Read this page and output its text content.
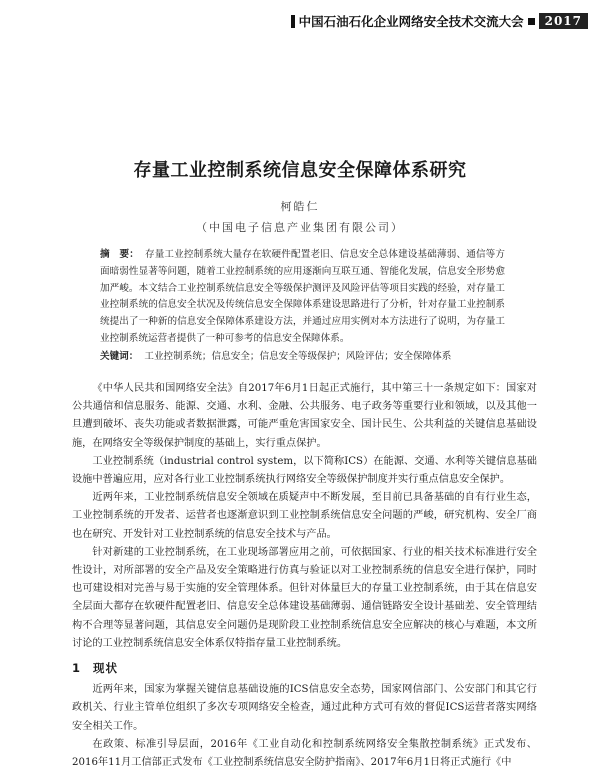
中国石油石化企业网络安全技术交流大会	2017
存量工业控制系统信息安全保障体系研究
柯皓仁
（中国电子信息产业集团有限公司）
摘　要： 存量工业控制系统大量存在软硬件配置老旧、信息安全总体建设基础薄弱、通信等方面暗弱性显著等问题，随着工业控制系统的应用逐渐向互联互通、智能化发展，信息安全形势愈加严峻。本文结合工业控制系统信息安全等级保护测评及风险评估等项目实践的经验，对存量工业控制系统的信息安全状况及传统信息安全保障体系建设思路进行了分析，针对存量工业控制系统提出了一种新的信息安全保障体系建设方法，并通过应用实例对本方法进行了说明，为存量工业控制系统运营者提供了一种可参考的信息安全保障体系。
关键词： 工业控制系统；信息安全；信息安全等级保护；风险评估；安全保障体系

《中华人民共和国网络安全法》自2017年6月1日起正式施行，其中第三十一条规定如下：国家对公共通信和信息服务、能源、交通、水利、金融、公共服务、电子政务等重要行业和领域，以及其他一旦遭到破坏、丧失功能或者数据泄露，可能严重危害国家安全、国计民生、公共利益的关键信息基础设施，在网络安全等级保护制度的基础上，实行重点保护。

工业控制系统（industrial control system，以下简称ICS）在能源、交通、水利等关键信息基础设施中普遍应用，应对各行业工业控制系统执行网络安全等级保护制度并实行重点信息安全保护。

近两年来，工业控制系统信息安全领域在质疑声中不断发展，至目前已具备基础的自有行业生态，工业控制系统的开发者、运营者也逐渐意识到工业控制系统信息安全问题的严峻，研究机构、安全厂商也在研究、开发针对工业控制系统的信息安全技术与产品。

针对新建的工业控制系统，在工业现场部署应用之前，可依据国家、行业的相关技术标准进行安全性设计，对所部署的安全产品及安全策略进行仿真与验证以对工业控制系统的信息安全进行保护，同时也可建设相对完善与易于实施的安全管理体系。但针对体量巨大的存量工业控制系统，由于其在信息安全层面大都存在软硬件配置老旧、信息安全总体建设基础薄弱、通信链路安全设计基础差、安全管理结构不合理等显著问题，其信息安全问题仍是现阶段工业控制系统信息安全应解决的核心与难题，本文所讨论的工业控制系统信息安全体系仅特指存量工业控制系统。

1 现状

近两年来，国家为掌握关键信息基础设施的ICS信息安全态势，国家网信部门、公安部门和其它行政机关、行业主管单位组织了多次专项网络安全检查，通过此种方式可有效的督促ICS运营者落实网络安全相关工作。

在政策、标准引导层面，2016年《工业自动化和控制系统网络安全集散控制系统》正式发布、2016年11月工信部正式发布《工业控制系统信息安全防护指南》、2017年6月1日将正式施行《中
